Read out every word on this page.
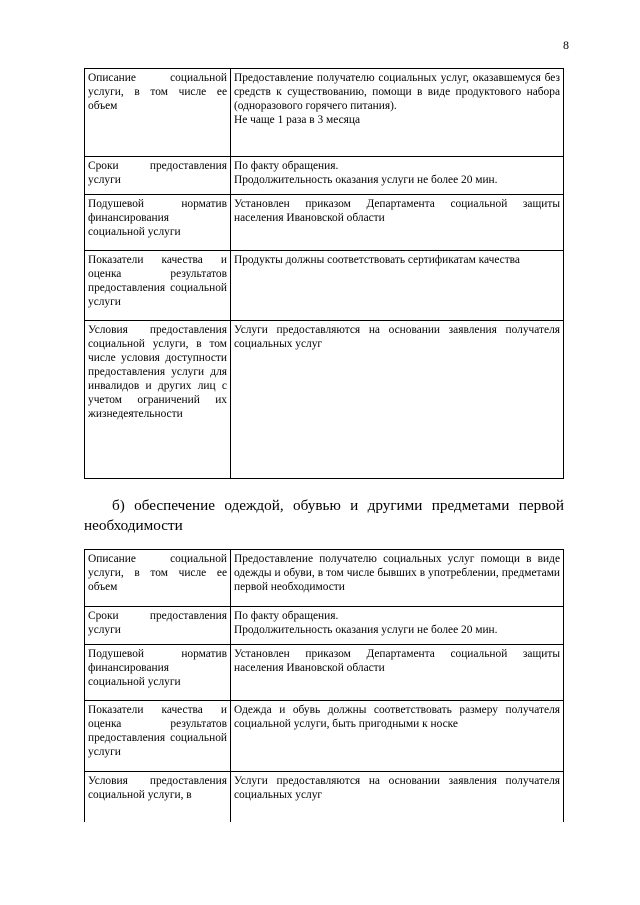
8
Описание социальной услуги, в том числе ее объем	Предоставление получателю социальных услуг, оказавшемуся без средств к существованию, помощи в виде продуктового набора (одноразового горячего питания).
Не чаще 1 раза в 3 месяца
Сроки предоставления услуги	По факту обращения.
Продолжительность оказания услуги не более 20 мин.
Подушевой норматив финансирования социальной услуги	Установлен приказом Департамента социальной защиты населения Ивановской области
Показатели качества и оценка результатов предоставления социальной услуги	Продукты должны соответствовать сертификатам качества
Условия предоставления социальной услуги, в том числе условия доступности предоставления услуги для инвалидов и других лиц с учетом ограничений их жизнедеятельности	Услуги предоставляются на основании заявления получателя социальных услуг
б) обеспечение одеждой, обувью и другими предметами первой необходимости
Описание социальной услуги, в том числе ее объем	Предоставление получателю социальных услуг помощи в виде одежды и обуви, в том числе бывших в употреблении, предметами первой необходимости
Сроки предоставления услуги	По факту обращения.
Продолжительность оказания услуги не более 20 мин.
Подушевой норматив финансирования социальной услуги	Установлен приказом Департамента социальной защиты населения Ивановской области
Показатели качества и оценка результатов предоставления социальной услуги	Одежда и обувь должны соответствовать размеру получателя социальной услуги, быть пригодными к носке
Условия предоставления социальной услуги, в	Услуги предоставляются на основании заявления получателя социальных услуг
